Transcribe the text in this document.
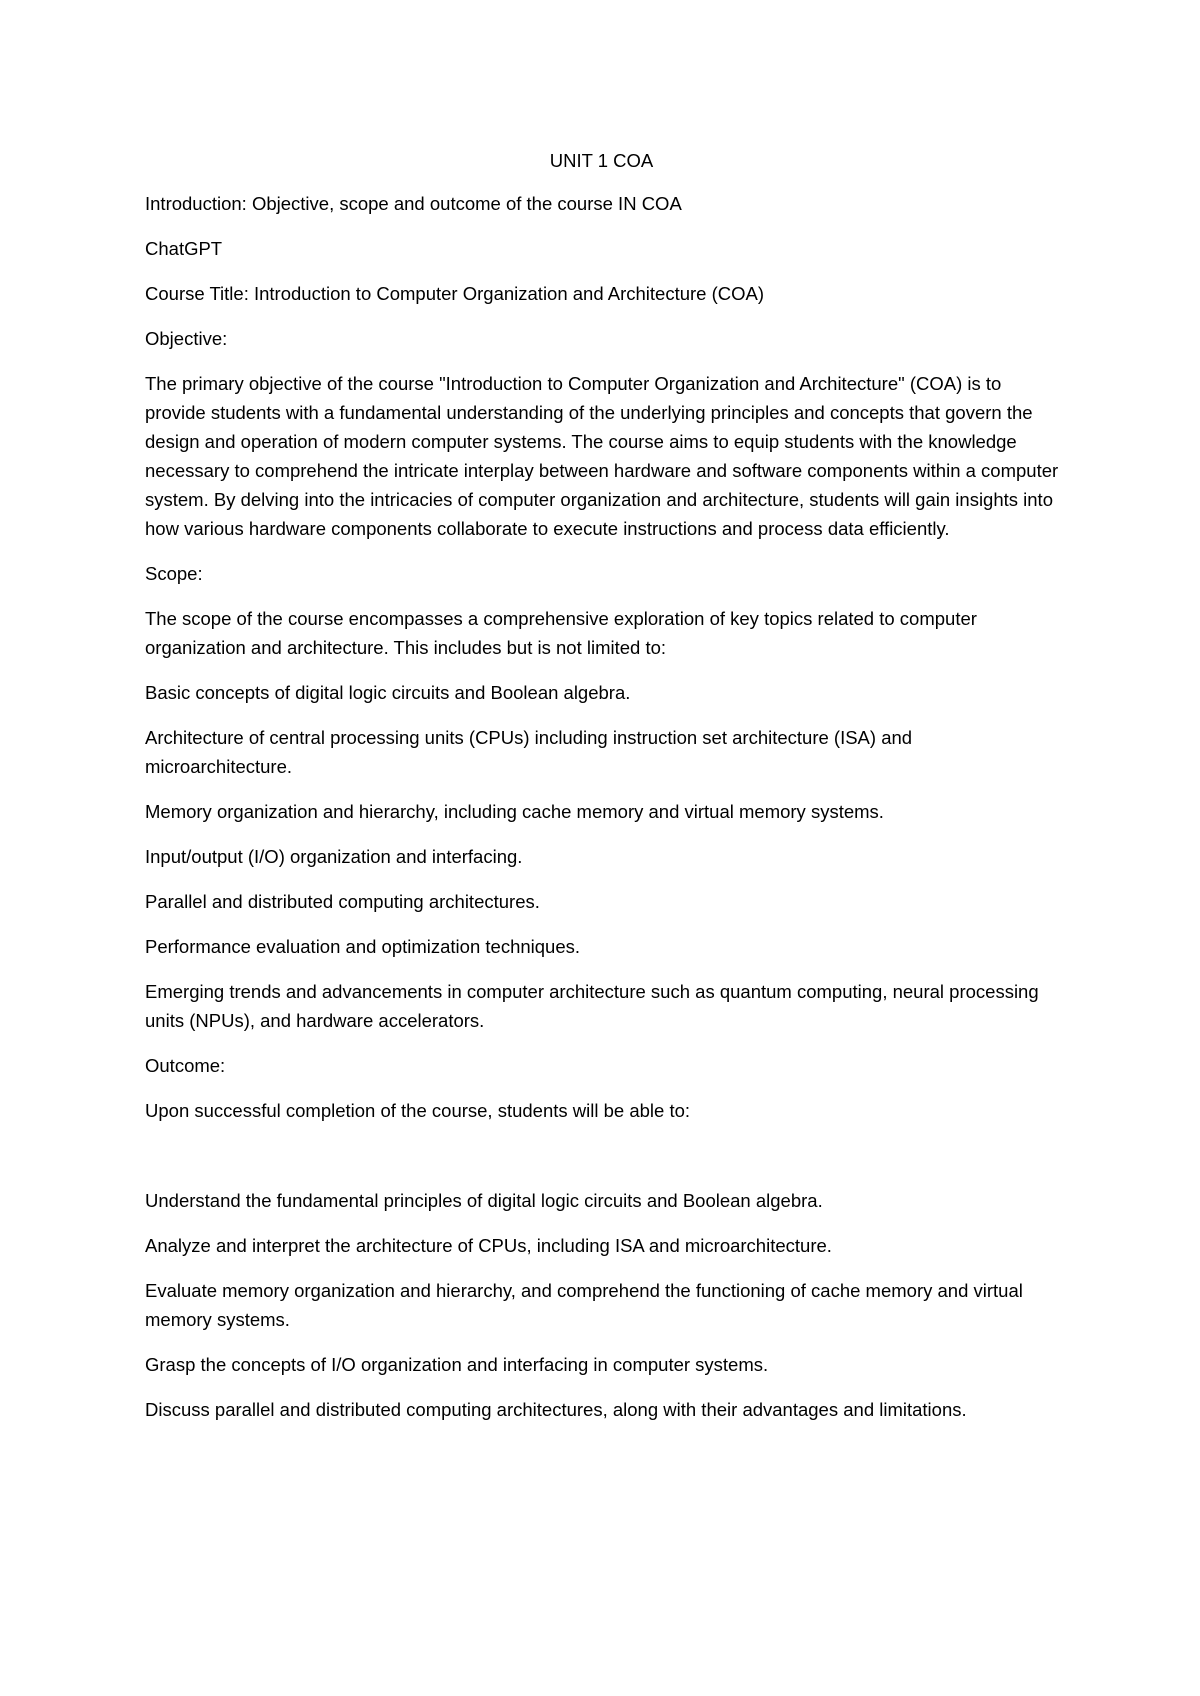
UNIT 1 COA

Introduction: Objective, scope and outcome of the course IN COA

ChatGPT

Course Title: Introduction to Computer Organization and Architecture (COA)

Objective:

The primary objective of the course "Introduction to Computer Organization and Architecture" (COA) is to provide students with a fundamental understanding of the underlying principles and concepts that govern the design and operation of modern computer systems. The course aims to equip students with the knowledge necessary to comprehend the intricate interplay between hardware and software components within a computer system. By delving into the intricacies of computer organization and architecture, students will gain insights into how various hardware components collaborate to execute instructions and process data efficiently.

Scope:

The scope of the course encompasses a comprehensive exploration of key topics related to computer organization and architecture. This includes but is not limited to:

Basic concepts of digital logic circuits and Boolean algebra.

Architecture of central processing units (CPUs) including instruction set architecture (ISA) and microarchitecture.

Memory organization and hierarchy, including cache memory and virtual memory systems.

Input/output (I/O) organization and interfacing.

Parallel and distributed computing architectures.

Performance evaluation and optimization techniques.

Emerging trends and advancements in computer architecture such as quantum computing, neural processing units (NPUs), and hardware accelerators.

Outcome:

Upon successful completion of the course, students will be able to:

Understand the fundamental principles of digital logic circuits and Boolean algebra.

Analyze and interpret the architecture of CPUs, including ISA and microarchitecture.

Evaluate memory organization and hierarchy, and comprehend the functioning of cache memory and virtual memory systems.

Grasp the concepts of I/O organization and interfacing in computer systems.

Discuss parallel and distributed computing architectures, along with their advantages and limitations.
